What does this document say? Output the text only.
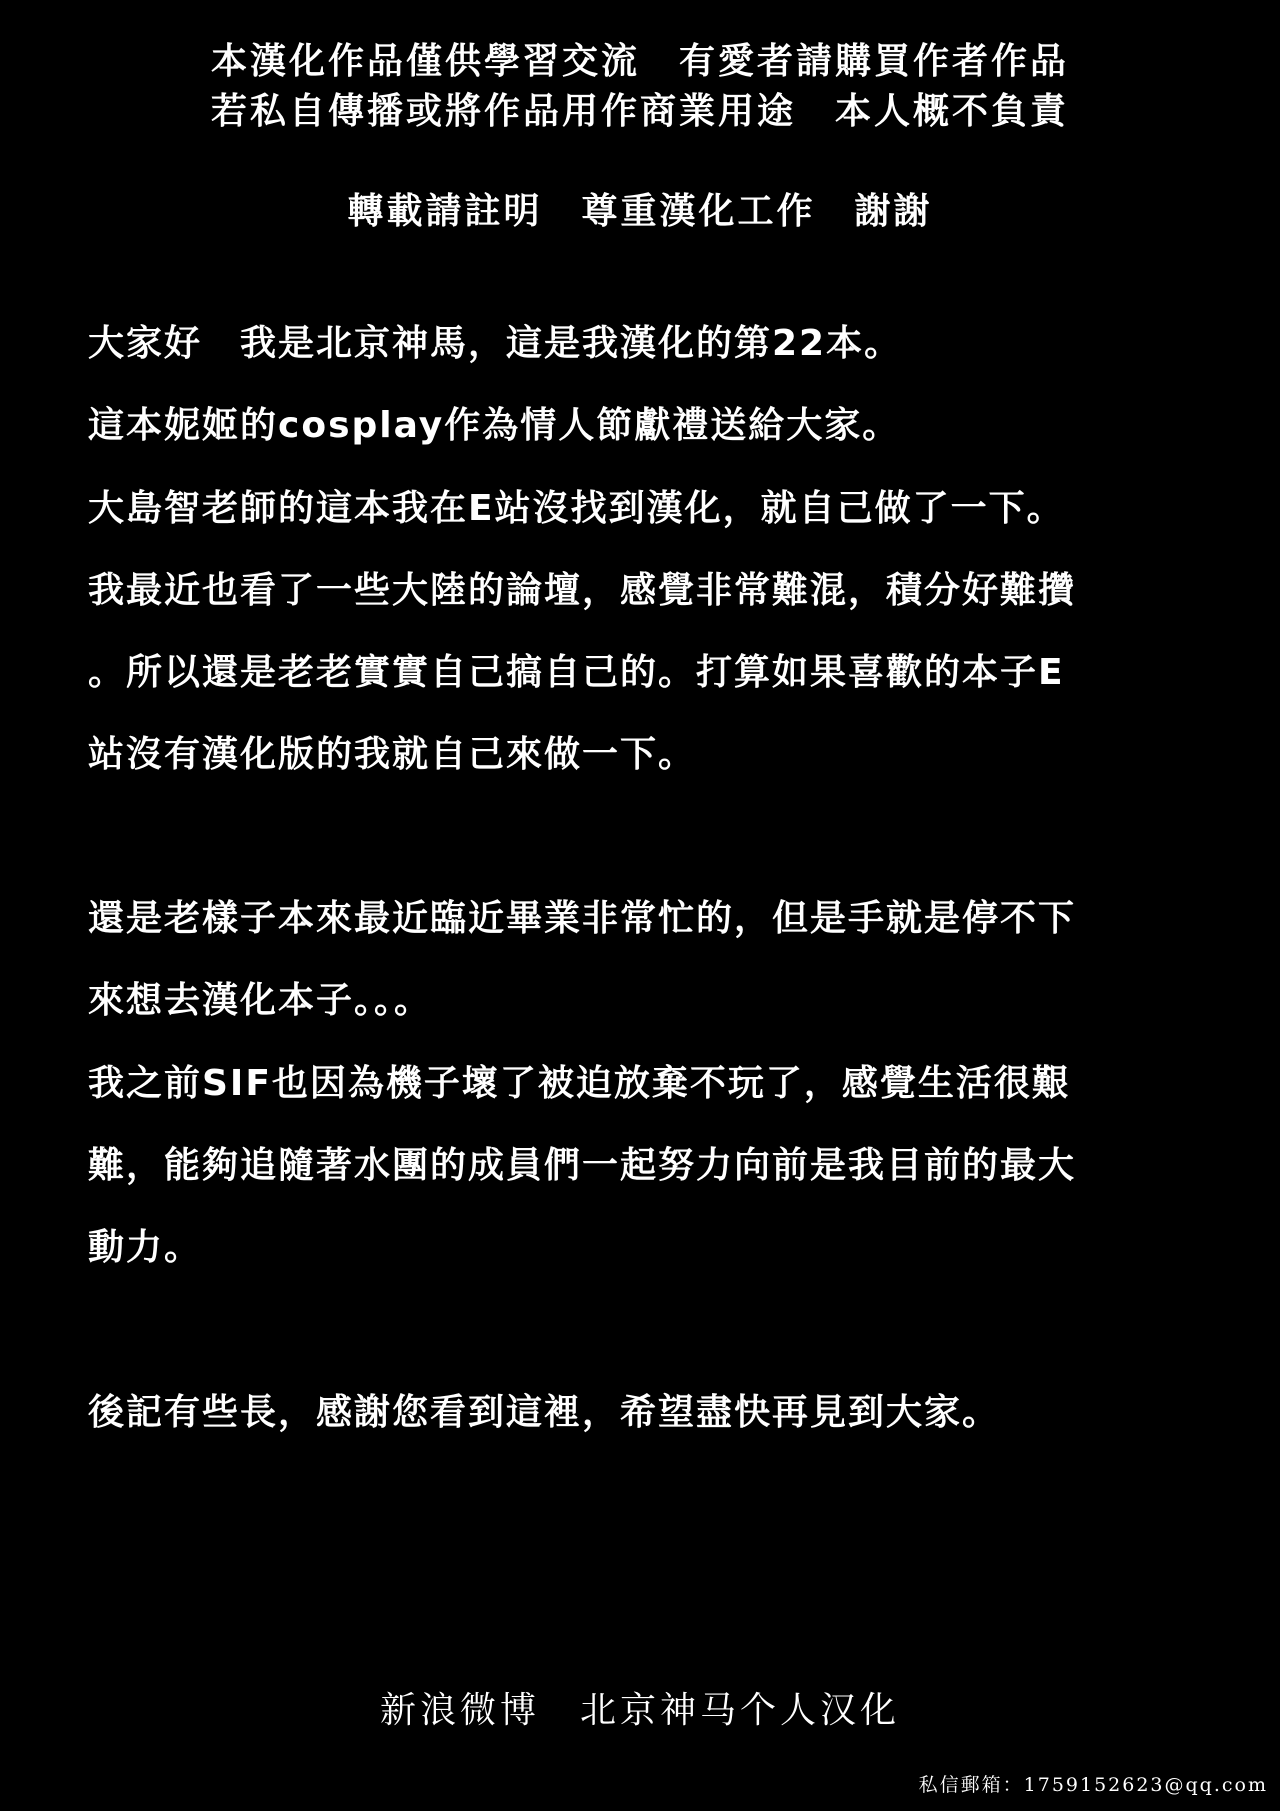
本漢化作品僅供學習交流　有愛者請購買作者作品
若私自傳播或將作品用作商業用途　本人概不負責
轉載請註明　尊重漢化工作　謝謝
大家好　我是北京神馬，這是我漢化的第22本。
這本妮姬的cosplay作為情人節獻禮送給大家。
大島智老師的這本我在E站沒找到漢化，就自己做了一下。
我最近也看了一些大陸的論壇，感覺非常難混，積分好難攢
。所以還是老老實實自己搞自己的。打算如果喜歡的本子E
站沒有漢化版的我就自己來做一下。
還是老樣子本來最近臨近畢業非常忙的，但是手就是停不下
來想去漢化本子。。。
我之前SIF也因為機子壞了被迫放棄不玩了，感覺生活很艱
難，能夠追隨著水團的成員們一起努力向前是我目前的最大
動力。
後記有些長，感謝您看到這裡，希望盡快再見到大家。
新浪微博　北京神马个人汉化
私信郵箱：1759152623@qq.com
